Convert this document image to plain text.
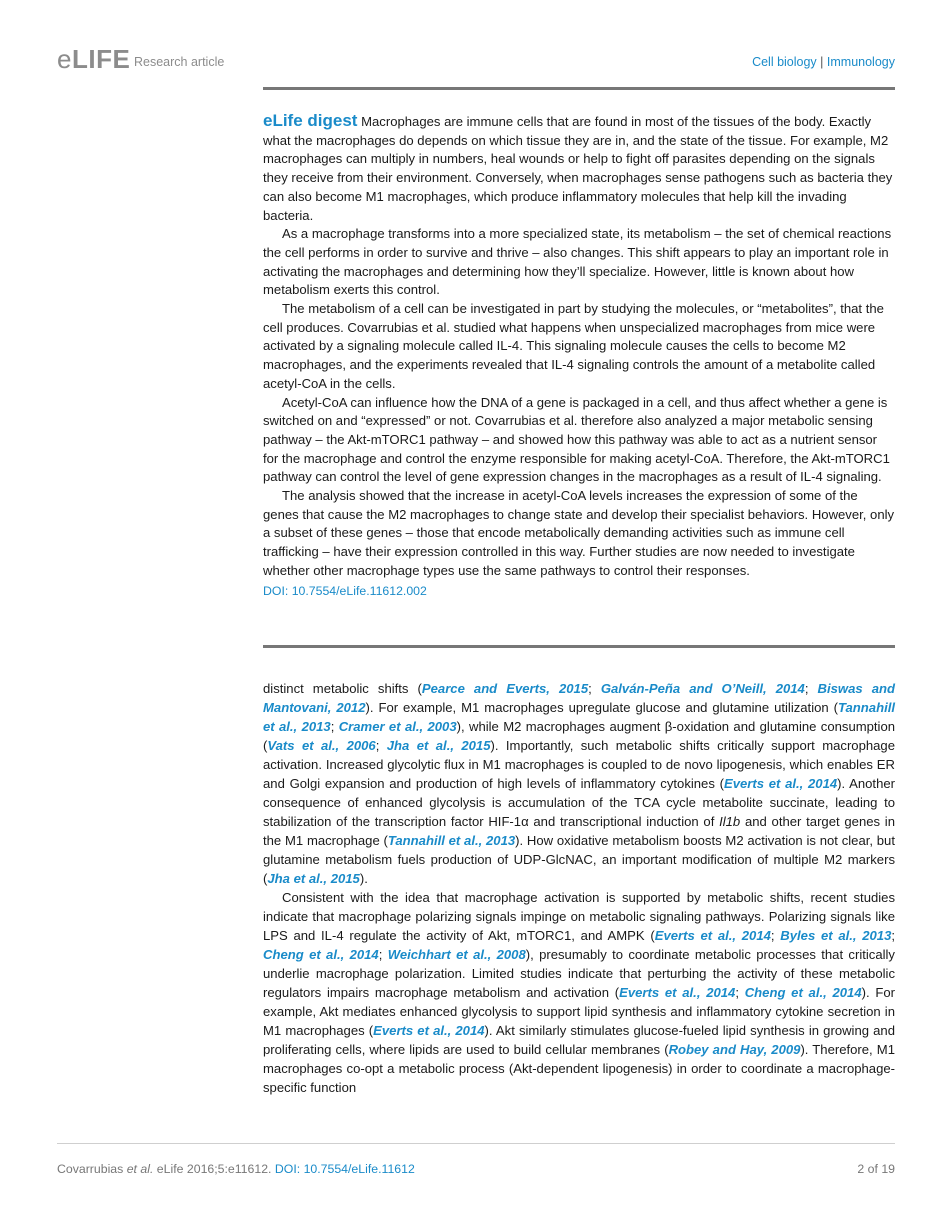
eLIFE Research article	Cell biology | Immunology

eLife digest Macrophages are immune cells that are found in most of the tissues of the body. Exactly what the macrophages do depends on which tissue they are in, and the state of the tissue. For example, M2 macrophages can multiply in numbers, heal wounds or help to fight off parasites depending on the signals they receive from their environment. Conversely, when macrophages sense pathogens such as bacteria they can also become M1 macrophages, which produce inflammatory molecules that help kill the invading bacteria.

As a macrophage transforms into a more specialized state, its metabolism – the set of chemical reactions the cell performs in order to survive and thrive – also changes. This shift appears to play an important role in activating the macrophages and determining how they’ll specialize. However, little is known about how metabolism exerts this control.

The metabolism of a cell can be investigated in part by studying the molecules, or “metabolites”, that the cell produces. Covarrubias et al. studied what happens when unspecialized macrophages from mice were activated by a signaling molecule called IL-4. This signaling molecule causes the cells to become M2 macrophages, and the experiments revealed that IL-4 signaling controls the amount of a metabolite called acetyl-CoA in the cells.

Acetyl-CoA can influence how the DNA of a gene is packaged in a cell, and thus affect whether a gene is switched on and “expressed” or not. Covarrubias et al. therefore also analyzed a major metabolic sensing pathway – the Akt-mTORC1 pathway – and showed how this pathway was able to act as a nutrient sensor for the macrophage and control the enzyme responsible for making acetyl-CoA. Therefore, the Akt-mTORC1 pathway can control the level of gene expression changes in the macrophages as a result of IL-4 signaling.

The analysis showed that the increase in acetyl-CoA levels increases the expression of some of the genes that cause the M2 macrophages to change state and develop their specialist behaviors. However, only a subset of these genes – those that encode metabolically demanding activities such as immune cell trafficking – have their expression controlled in this way. Further studies are now needed to investigate whether other macrophage types use the same pathways to control their responses.

DOI: 10.7554/eLife.11612.002

distinct metabolic shifts (Pearce and Everts, 2015; Galván-Peña and O’Neill, 2014; Biswas and Mantovani, 2012). For example, M1 macrophages upregulate glucose and glutamine utilization (Tannahill et al., 2013; Cramer et al., 2003), while M2 macrophages augment β-oxidation and glutamine consumption (Vats et al., 2006; Jha et al., 2015). Importantly, such metabolic shifts critically support macrophage activation. Increased glycolytic flux in M1 macrophages is coupled to de novo lipogenesis, which enables ER and Golgi expansion and production of high levels of inflammatory cytokines (Everts et al., 2014). Another consequence of enhanced glycolysis is accumulation of the TCA cycle metabolite succinate, leading to stabilization of the transcription factor HIF-1α and transcriptional induction of Il1b and other target genes in the M1 macrophage (Tannahill et al., 2013). How oxidative metabolism boosts M2 activation is not clear, but glutamine metabolism fuels production of UDP-GlcNAC, an important modification of multiple M2 markers (Jha et al., 2015).

Consistent with the idea that macrophage activation is supported by metabolic shifts, recent studies indicate that macrophage polarizing signals impinge on metabolic signaling pathways. Polarizing signals like LPS and IL-4 regulate the activity of Akt, mTORC1, and AMPK (Everts et al., 2014; Byles et al., 2013; Cheng et al., 2014; Weichhart et al., 2008), presumably to coordinate metabolic processes that critically underlie macrophage polarization. Limited studies indicate that perturbing the activity of these metabolic regulators impairs macrophage metabolism and activation (Everts et al., 2014; Cheng et al., 2014). For example, Akt mediates enhanced glycolysis to support lipid synthesis and inflammatory cytokine secretion in M1 macrophages (Everts et al., 2014). Akt similarly stimulates glucose-fueled lipid synthesis in growing and proliferating cells, where lipids are used to build cellular membranes (Robey and Hay, 2009). Therefore, M1 macrophages co-opt a metabolic process (Akt-dependent lipogenesis) in order to coordinate a macrophage-specific function

Covarrubias et al. eLife 2016;5:e11612. DOI: 10.7554/eLife.11612	2 of 19
